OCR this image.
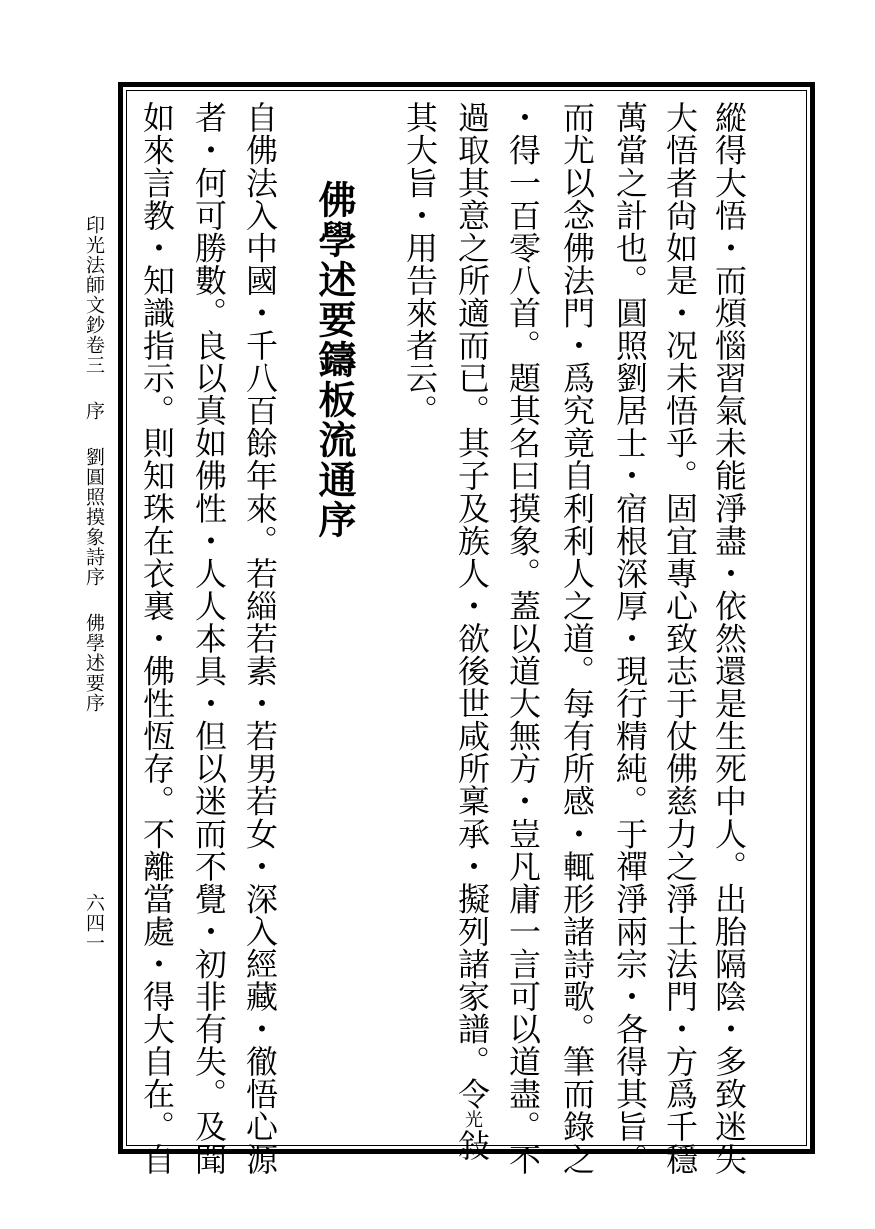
縱得大悟・而煩惱習氣未能淨盡・依然還是生死中人。出胎隔陰・多致迷失
大悟者尙如是・况未悟乎。固宜專心致志于仗佛慈力之淨土法門・方爲千穩
萬當之計也。圓照劉居士・宿根深厚・現行精純。于禪淨兩宗・各得其旨。
而尤以念佛法門・爲究竟自利利人之道。每有所感・輒形諸詩歌。筆而錄之
・得一百零八首。題其名曰摸象。蓋以道大無方・豈凡庸一言可以道盡。不
過取其意之所適而已。其子及族人・欲後世咸所稟承・擬列諸家譜。令光敍
其大旨・用告來者云。
佛學述要鑄板流通序
自佛法入中國・千八百餘年來。若緇若素・若男若女・深入經藏・徹悟心源
者・何可勝數。良以真如佛性・人人本具・但以迷而不覺・初非有失。及聞
如來言教・知識指示。則知珠在衣裏・佛性恆存。不離當處・得大自在。自
印光法師文鈔卷三序劉圓照摸象詩序佛學述要序
六四一
